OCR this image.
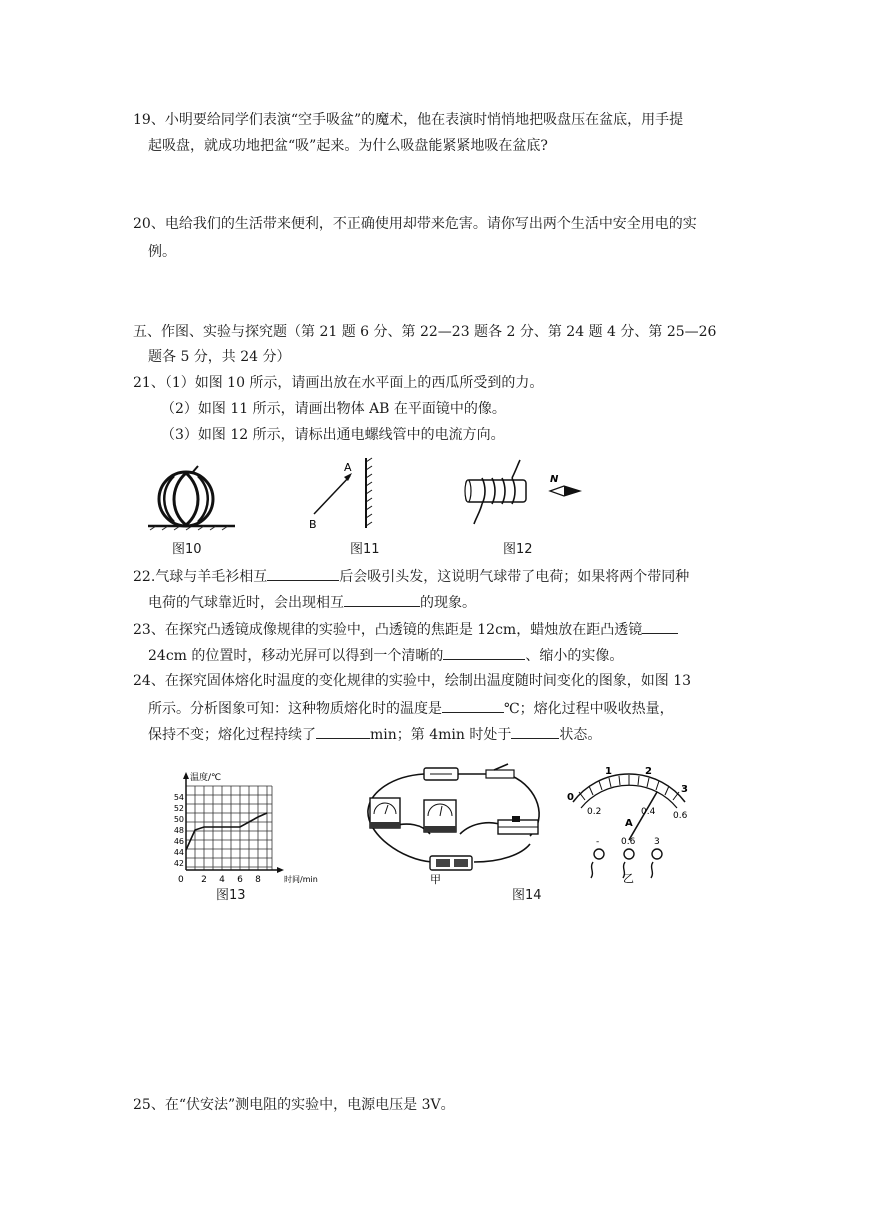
19、小明要给同学们表演“空手吸盆”的魔术，他在表演时悄悄地把吸盘压在盆底，用手提
起吸盘，就成功地把盆“吸”起来。为什么吸盘能紧紧地吸在盆底?
20、电给我们的生活带来便利，不正确使用却带来危害。请你写出两个生活中安全用电的实
例。
五、作图、实验与探究题（第 21 题 6 分、第 22—23 题各 2 分、第 24 题 4 分、第 25—26
题各 5 分，共 24 分）
21、（1）如图 10 所示，请画出放在水平面上的西瓜所受到的力。
（2）如图 11 所示，请画出物体 AB 在平面镜中的像。
（3）如图 12 所示，请标出通电螺线管中的电流方向。
图10
A
B
图11
N
图12
22.气球与羊毛衫相互	后会吸引头发，这说明气球带了电荷；如果将两个带同种
电荷的气球靠近时，会出现相互	的现象。
23、在探究凸透镜成像规律的实验中，凸透镜的焦距是 12cm，蜡烛放在距凸透镜
24cm 的位置时，移动光屏可以得到一个清晰的	、缩小的实像。
24、在探究固体熔化时温度的变化规律的实验中，绘制出温度随时间变化的图象，如图 13
所示。分析图象可知：这种物质熔化时的温度是	℃；熔化过程中吸收热量，
保持不变；熔化过程持续了	min；第 4min 时处于	状态。
温度/℃
时间/min
0
54
52
50
48
46
44
42
2 4 6 8
图13
甲
0
1	2
3
0.2	0.4 0.6
A
- 0.6 3
乙
图14
25、在“伏安法”测电阻的实验中，电源电压是 3V。
